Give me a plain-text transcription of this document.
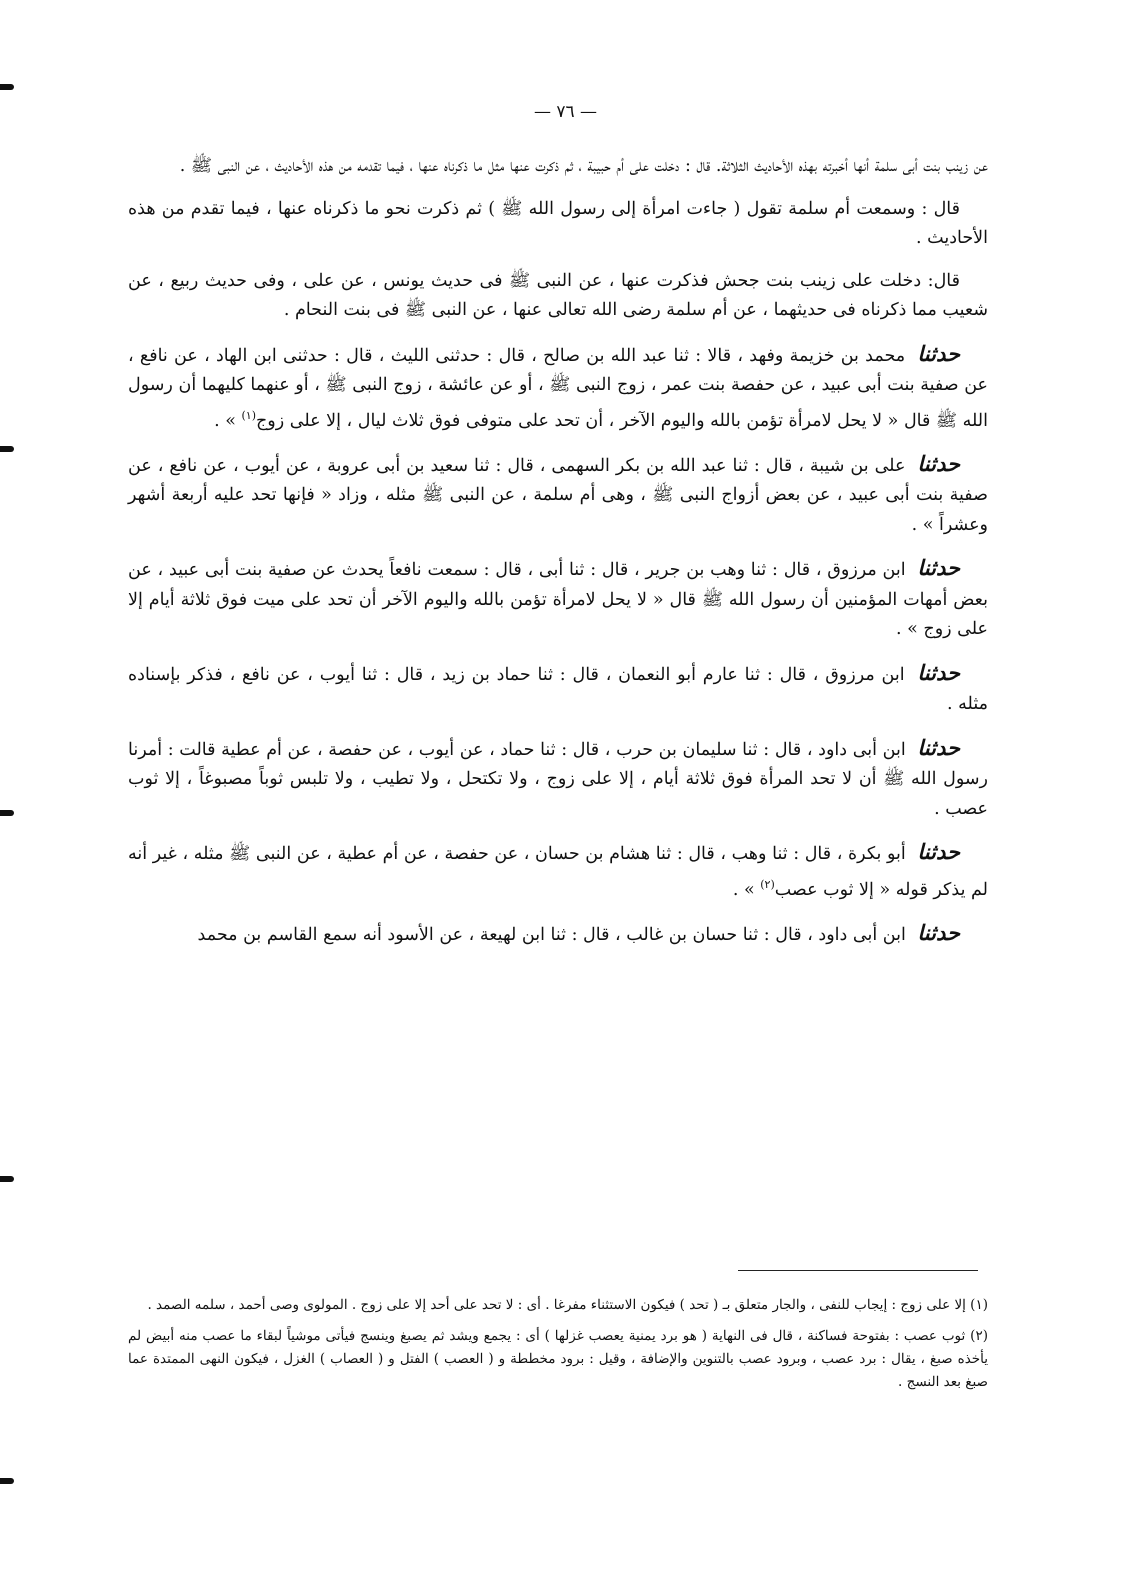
— ٧٦ —

عن زينب بنت أبى سلمة أنها أخبرته بهذه الأحاديث الثلاثة. قال : دخلت على أم حبيبة ، ثم ذكرت عنها مثل ما ذكرناه عنها ، فيما تقدمه من هذه الأحاديث ، عن النبى ﷺ .

قال : وسمعت أم سلمة تقول ( جاءت امرأة إلى رسول الله ﷺ ) ثم ذكرت نحو ما ذكرناه عنها ، فيما تقدم من هذه الأحاديث .

قال: دخلت على زينب بنت جحش فذكرت عنها ، عن النبى ﷺ فى حديث يونس ، عن على ، وفى حديث ربيع ، عن شعيب مما ذكرناه فى حديثهما ، عن أم سلمة رضى الله تعالى عنها ، عن النبى ﷺ فى بنت النحام .

حدثنا محمد بن خزيمة وفهد ، قالا : ثنا عبد الله بن صالح ، قال : حدثنى الليث ، قال : حدثنى ابن الهاد ، عن نافع ، عن صفية بنت أبى عبيد ، عن حفصة بنت عمر ، زوج النبى ﷺ ، أو عن عائشة ، زوج النبى ﷺ ، أو عنهما كليهما أن رسول الله ﷺ قال « لا يحل لامرأة تؤمن بالله واليوم الآخر ، أن تحد على متوفى فوق ثلاث ليال ، إلا على زوج$^{(١)}$ » .

حدثنا على بن شيبة ، قال : ثنا عبد الله بن بكر السهمى ، قال : ثنا سعيد بن أبى عروبة ، عن أيوب ، عن نافع ، عن صفية بنت أبى عبيد ، عن بعض أزواج النبى ﷺ ، وهى أم سلمة ، عن النبى ﷺ مثله ، وزاد « فإنها تحد عليه أربعة أشهر وعشراً » .

حدثنا ابن مرزوق ، قال : ثنا وهب بن جرير ، قال : ثنا أبى ، قال : سمعت نافعاً يحدث عن صفية بنت أبى عبيد ، عن بعض أمهات المؤمنين أن رسول الله ﷺ قال « لا يحل لامرأة تؤمن بالله واليوم الآخر أن تحد على ميت فوق ثلاثة أيام إلا على زوج » .

حدثنا ابن مرزوق ، قال : ثنا عارم أبو النعمان ، قال : ثنا حماد بن زيد ، قال : ثنا أيوب ، عن نافع ، فذكر بإسناده مثله .

حدثنا ابن أبى داود ، قال : ثنا سليمان بن حرب ، قال : ثنا حماد ، عن أيوب ، عن حفصة ، عن أم عطية قالت : أمرنا رسول الله ﷺ أن لا تحد المرأة فوق ثلاثة أيام ، إلا على زوج ، ولا تكتحل ، ولا تطيب ، ولا تلبس ثوباً مصبوغاً ، إلا ثوب عصب .

حدثنا أبو بكرة ، قال : ثنا وهب ، قال : ثنا هشام بن حسان ، عن حفصة ، عن أم عطية ، عن النبى ﷺ مثله ، غير أنه لم يذكر قوله « إلا ثوب عصب$^{(٢)}$ » .

حدثنا ابن أبى داود ، قال : ثنا حسان بن غالب ، قال : ثنا ابن لهيعة ، عن الأسود أنه سمع القاسم بن محمد

(١) إلا على زوج : إيجاب للنفى ، والجار متعلق بـ ( تحد ) فيكون الاستثناء مفرغا . أى : لا تحد على أحد إلا على زوج . المولوى وصى أحمد ، سلمه الصمد .

(٢) ثوب عصب : بفتوحة فساكنة ، قال فى النهاية ( هو برد يمنية يعصب غزلها ) أى : يجمع ويشد ثم يصبغ وينسج فيأتى موشياً لبقاء ما عصب منه أبيض لم يأخذه صبغ ، يقال : برد عصب ، وبرود عصب بالتنوين والإضافة ، وقيل : برود مخططة و ( العصب ) الفتل و ( العصاب ) الغزل ، فيكون النهى الممتدة عما صبغ بعد النسج .
